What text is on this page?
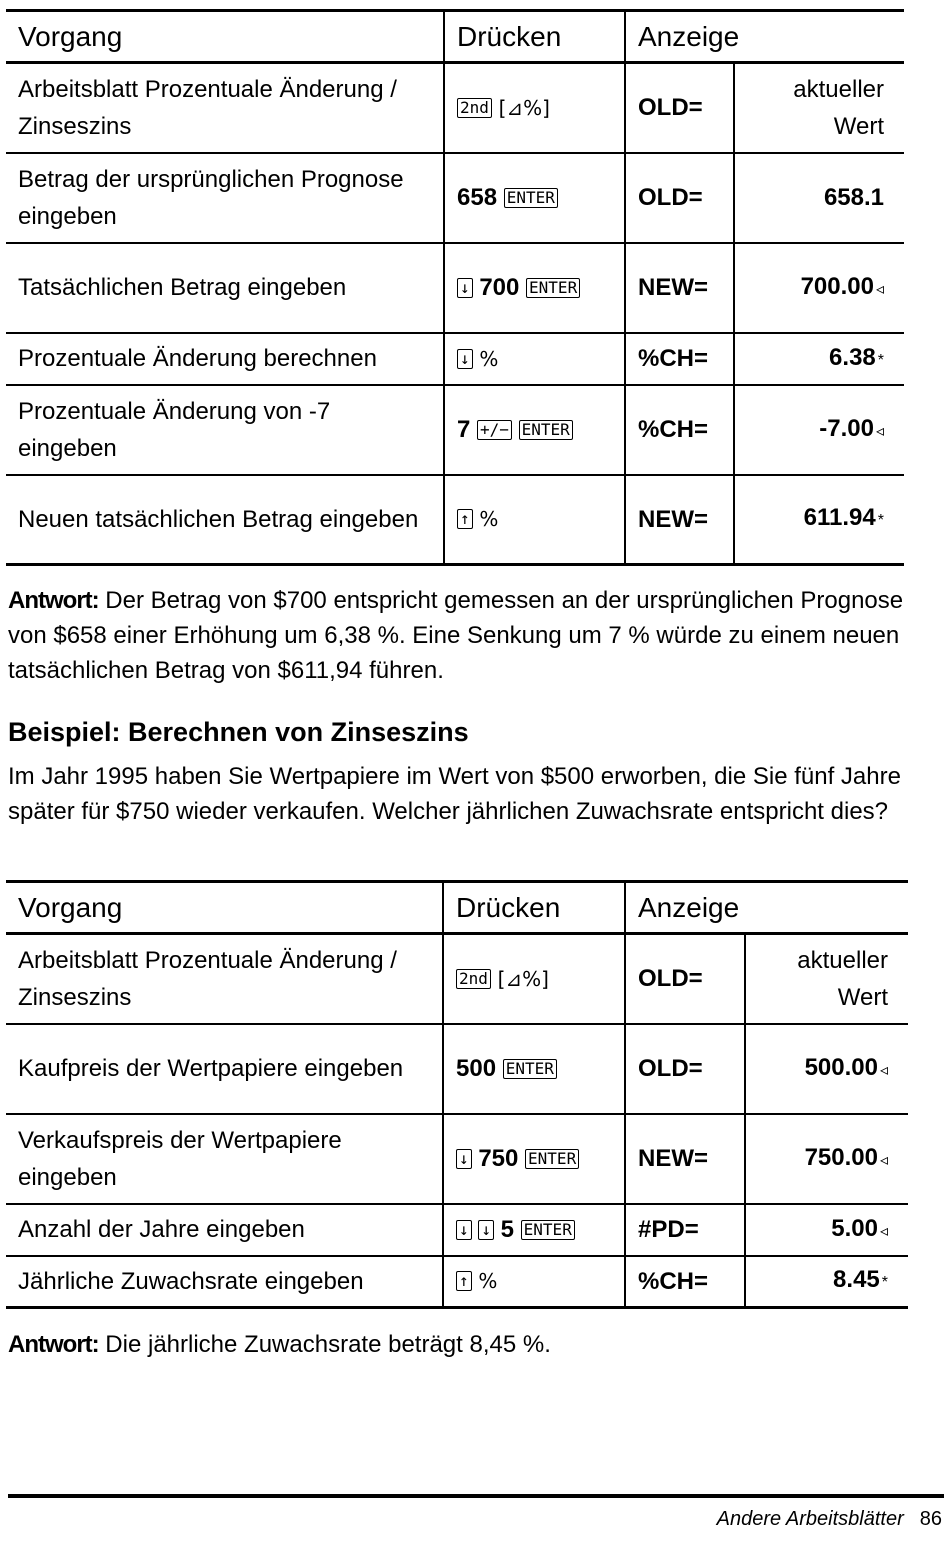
Vorgang	Drücken	Anzeige	
Arbeitsblatt Prozentuale Änderung / Zinseszins	2nd [⊿%]	OLD=	aktueller Wert
Betrag der ursprünglichen Prognose eingeben	658 ENTER	OLD=	658.1
Tatsächlichen Betrag eingeben	↓ 700 ENTER	NEW=	700.00 ◃
Prozentuale Änderung berechnen	↓ %	%CH=	6.38 *
Prozentuale Änderung von -7 eingeben	7 +/− ENTER	%CH=	-7.00 ◃
Neuen tatsächlichen Betrag eingeben	↑ %	NEW=	611.94 *

Antwort: Der Betrag von $700 entspricht gemessen an der ursprünglichen Prognose von $658 einer Erhöhung um 6,38 %. Eine Senkung um 7 % würde zu einem neuen tatsächlichen Betrag von $611,94 führen.

Beispiel: Berechnen von Zinseszins

Im Jahr 1995 haben Sie Wertpapiere im Wert von $500 erworben, die Sie fünf Jahre später für $750 wieder verkaufen. Welcher jährlichen Zuwachsrate entspricht dies?

Vorgang	Drücken	Anzeige	
Arbeitsblatt Prozentuale Änderung / Zinseszins	2nd [⊿%]	OLD=	aktueller Wert
Kaufpreis der Wertpapiere eingeben	500 ENTER	OLD=	500.00 ◃
Verkaufspreis der Wertpapiere eingeben	↓ 750 ENTER	NEW=	750.00 ◃
Anzahl der Jahre eingeben	↓ ↓ 5 ENTER	#PD=	5.00 ◃
Jährliche Zuwachsrate eingeben	↑ %	%CH=	8.45 *

Antwort: Die jährliche Zuwachsrate beträgt 8,45 %.

Andere Arbeitsblätter 86
